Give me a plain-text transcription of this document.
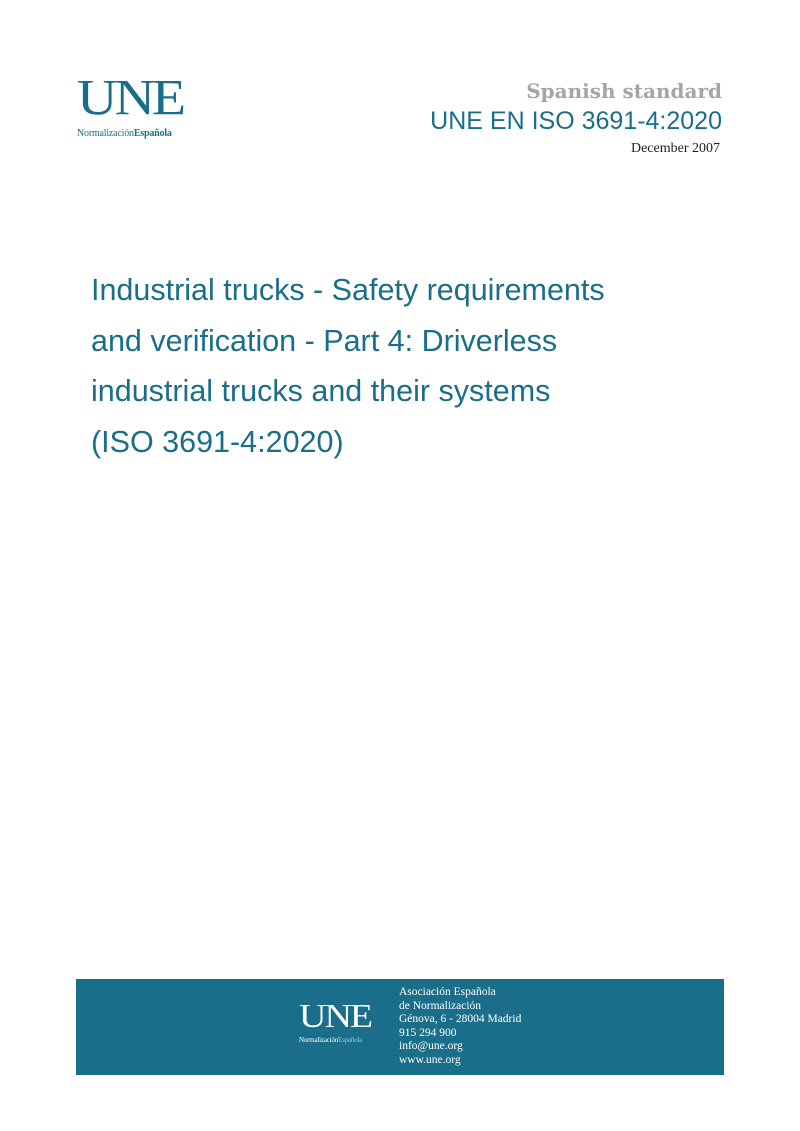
UNE
NormalizaciónEspañola
Spanish standard
UNE EN ISO 3691-4:2020
December 2007
Industrial trucks - Safety requirements
and verification - Part 4: Driverless
industrial trucks and their systems
(ISO 3691-4:2020)
UNE
NormalizaciónEspañola
Asociación Española
de Normalización
Génova, 6 - 28004 Madrid
915 294 900
info@une.org
www.une.org
